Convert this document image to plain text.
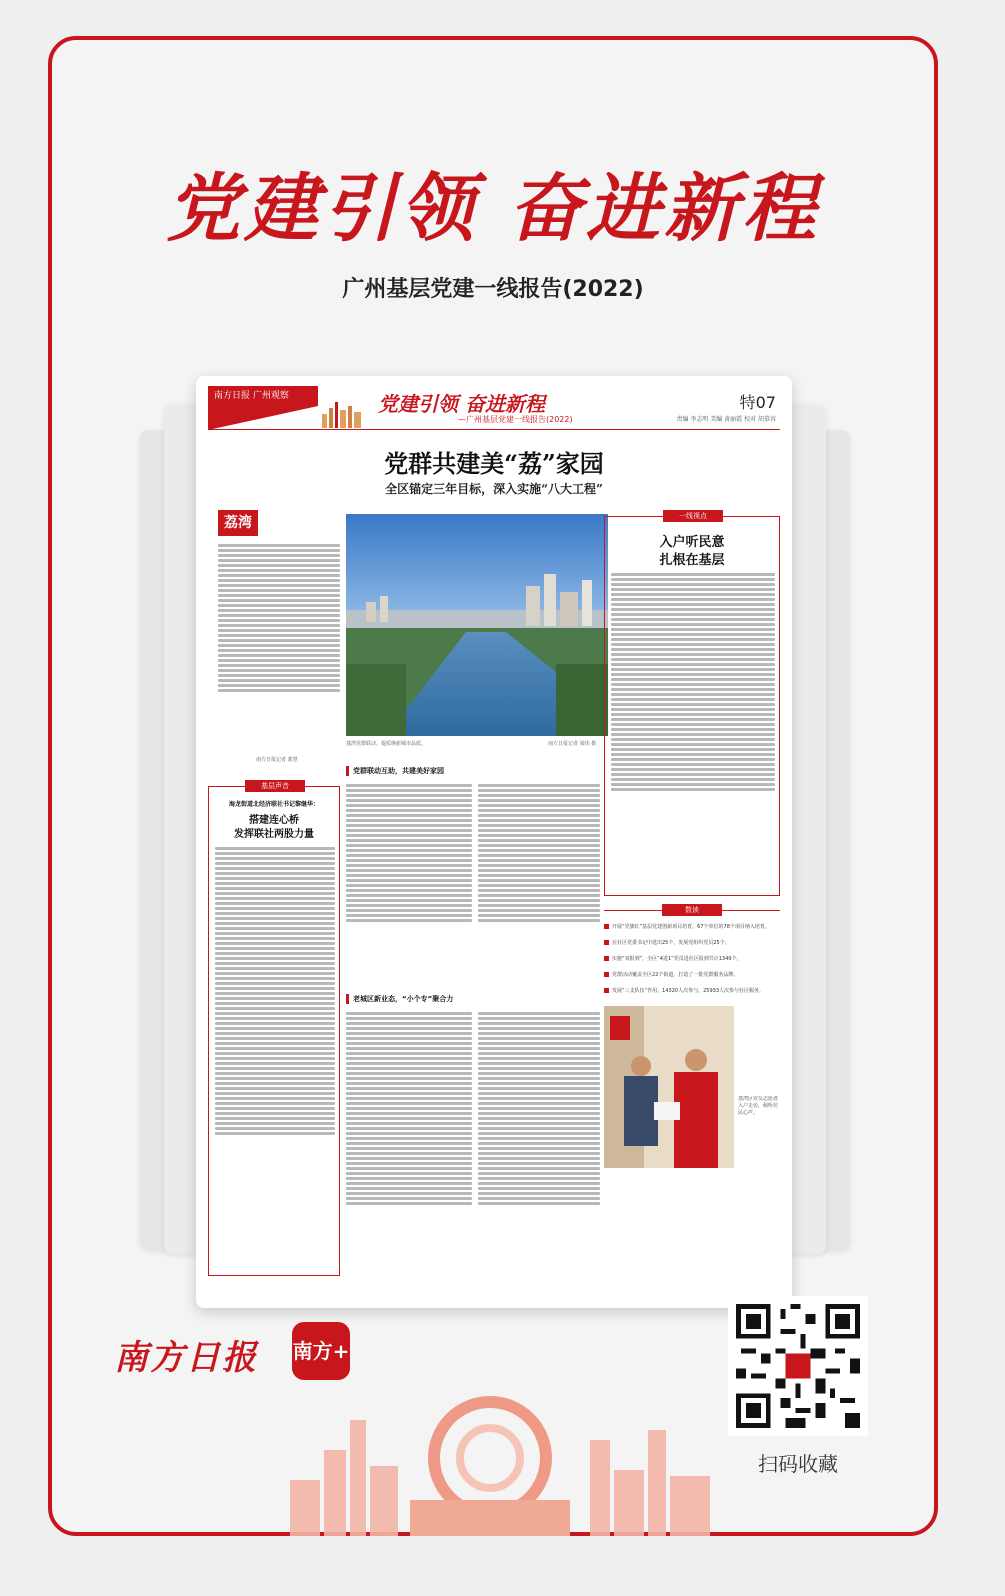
党建引领 奋进新程
广州基层党建一线报告(2022)
南方日报 广州观察	党建引领 奋进新程
—广州基层党建一线报告(2022)
特07
责编 李志明 美编 黄丽霞 校对 胡慕容
党群共建美“荔”家园
全区锚定三年目标，深入实施“八大工程”
荔湾
南方日报记者 郭慧
荔湾党群联动，提质焕新城市品质。	南方日报记者 梁伟 摄
一线视点
入户听民意
扎根在基层
基层声音
海龙街道北经济联社书记黎继华：
搭建连心桥
发挥联社两股力量
党群联动互助，共建美好家园
老城区新业态，“小个专”聚合力
数读
开展“党旗红”基层党建创新项目培育，67个单位的78个项目纳入培育。
在社区党委书记中选出25个，发展党组织党员25个。
实施“双报到”，全区“4进1”党员进社区报到共计1349个。
党群活动覆盖全区22个街道，打造了一批党群服务品牌。
发展“三支队伍”作用，14320人次参与，25933人次参与社区服务。
荔湾区党员志愿者入户走访，倾听居民心声。
南方日报 南方+
扫码收藏
